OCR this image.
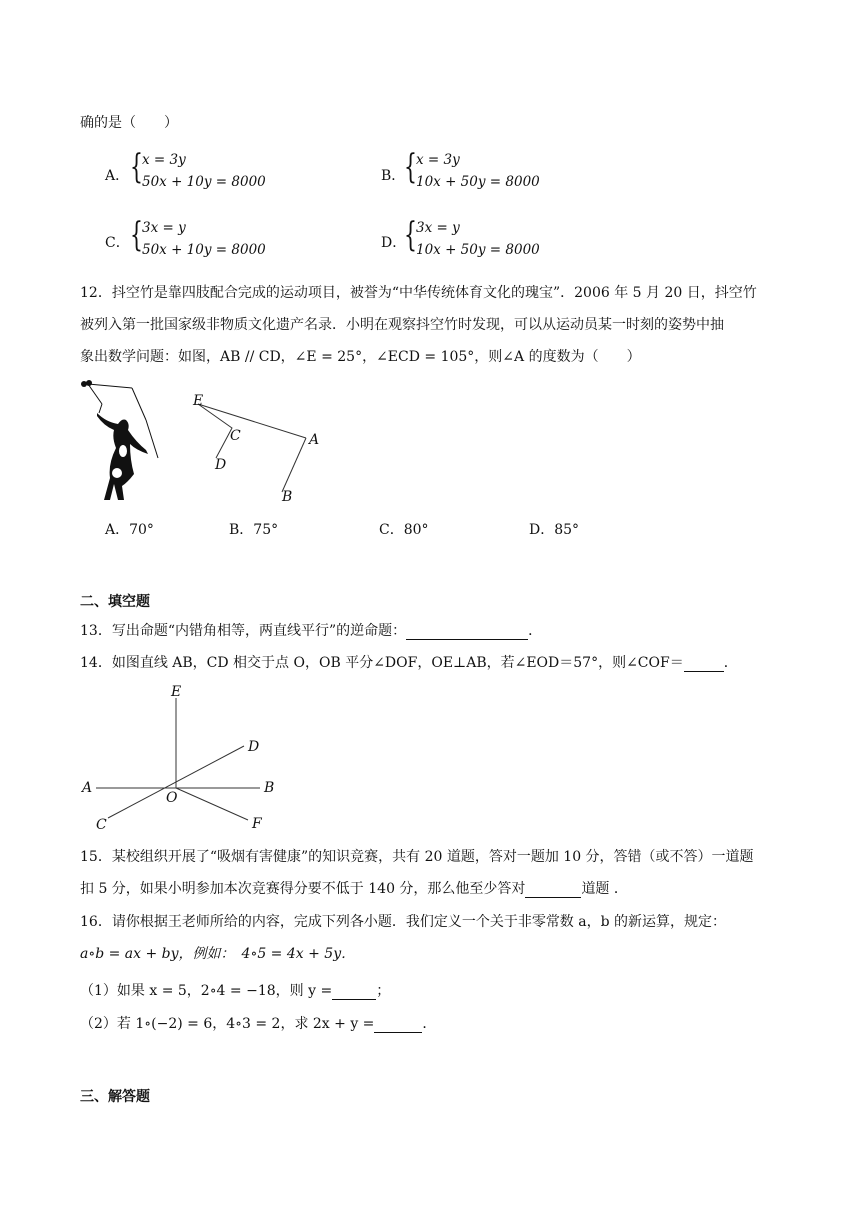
确的是（　　）
A． { x = 3y
50x + 10y = 8000	B．
{ x = 3y
10x + 50y = 8000
C． { 3x = y
50x + 10y = 8000	D．
{ 3x = y
10x + 50y = 8000
12．抖空竹是靠四肢配合完成的运动项目，被誉为“中华传统体育文化的瑰宝”．2006 年 5 月 20 日，抖空竹
被列入第一批国家级非物质文化遗产名录．小明在观察抖空竹时发现，可以从运动员某一时刻的姿势中抽
象出数学问题：如图，AB // CD，∠E = 25°，∠ECD = 105°，则∠A 的度数为（　　）
E
C
D
A
B
A．70°	B．75°	C．80°	D．85°
二、填空题
13．写出命题“内错角相等，两直线平行”的逆命题：	．
14．如图直线 AB，CD 相交于点 O，OB 平分∠DOF，OE⊥AB，若∠EOD＝57°，则∠COF＝	．
E
D
A
O
B
C	F
15．某校组织开展了“吸烟有害健康”的知识竞赛，共有 20 道题，答对一题加 10 分，答错（或不答）一道题
扣 5 分，如果小明参加本次竞赛得分要不低于 140 分，那么他至少答对	道题 ．
16．请你根据王老师所给的内容，完成下列各小题．我们定义一个关于非零常数 a，b 的新运算，规定：
a∘b = ax + by，例如：　4∘5 = 4x + 5y．
（1）如果 x = 5，2∘4 = −18，则 y =	；
（2）若 1∘(−2) = 6，4∘3 = 2，求 2x + y =	．
三、解答题
